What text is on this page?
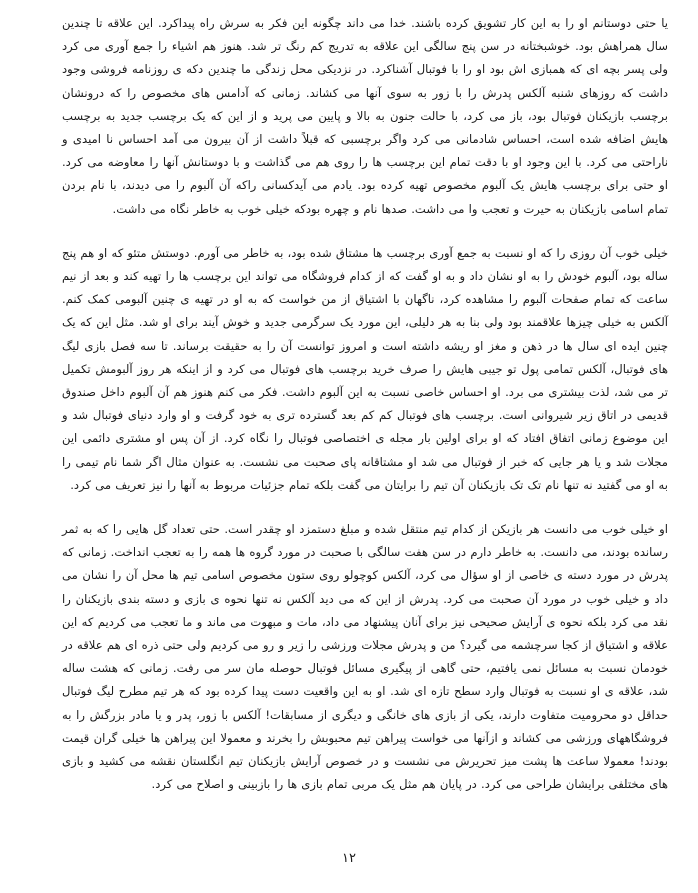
یا حتی دوستانم او را به این کار تشویق کرده باشند. خدا می داند چگونه این فکر به سرش راه پیداکرد. این علاقه تا چندین سال همراهش بود. خوشبختانه در سن پنج سالگی این علاقه به تدریج کم رنگ تر شد. هنوز هم اشیاء را جمع آوری می کرد ولی پسر بچه ای که همبازی اش بود او را با فوتبال آشناکرد. در نزدیکی محل زندگی ما چندین دکه ی روزنامه فروشی وجود داشت که روزهای شنبه آلکس پدرش را با زور به سوی آنها می کشاند. زمانی که آدامس های مخصوص را که درونشان برچسب بازیکنان فوتبال بود، باز می کرد، با حالت جنون به بالا و پایین می پرید و از این که یک برچسب جدید به برچسب هایش اضافه شده است، احساس شادمانی می کرد واگر برچسبی که قبلاً داشت از آن بیرون می آمد احساس نا امیدی و ناراحتی می کرد. با این وجود او با دقت تمام این برچسب ها را روی هم می گذاشت و با دوستانش آنها را معاوضه می کرد. او حتی برای برچسب هایش یک آلبوم مخصوص تهیه کرده بود. یادم می آیدکسانی راکه آن آلبوم را می دیدند، با نام بردن تمام اسامی بازیکنان به حیرت و تعجب وا می داشت. صدها نام و چهره بودکه خیلی خوب به خاطر نگاه می داشت.

خیلی خوب آن روزی را که او نسبت به جمع آوری برچسب ها مشتاق شده بود، به خاطر می آورم. دوستش متئو که او هم پنج ساله بود، آلبوم خودش را به او نشان داد و به او گفت که از کدام فروشگاه می تواند این برچسب ها را تهیه کند و بعد از نیم ساعت که تمام صفحات آلبوم را مشاهده کرد، ناگهان با اشتیاق از من خواست که به او در تهیه ی چنین آلبومی کمک کنم. آلکس به خیلی چیزها علاقمند بود ولی بنا به هر دلیلی، این مورد یک سرگرمی جدید و خوش آیند برای او شد. مثل این که یک چنین ایده ای سال ها در ذهن و مغز او ریشه داشته است و امروز توانست آن را به حقیقت برساند. تا سه فصل بازی لیگ های فوتبال، آلکس تمامی پول تو جیبی هایش را صرف خرید برچسب های فوتبال می کرد و از اینکه هر روز آلبومش تکمیل تر می شد، لذت بیشتری می برد. او احساس خاصی نسبت به این آلبوم داشت. فکر می کنم هنوز هم آن آلبوم داخل صندوق قدیمی در اتاق زیر شیروانی است. برچسب های فوتبال کم کم بعد گسترده تری به خود گرفت و او وارد دنیای فوتبال شد و این موضوع زمانی اتفاق افتاد که او برای اولین بار مجله ی اختصاصی فوتبال را نگاه کرد. از آن پس او مشتری دائمی این مجلات شد و یا هر جایی که خبر از فوتبال می شد او مشتاقانه پای صحبت می نشست. به عنوان مثال اگر شما نام تیمی را به او می گفتید نه تنها نام تک تک بازیکنان آن تیم را برایتان می گفت بلکه تمام جزئیات مربوط به آنها را نیز تعریف می کرد.

او خیلی خوب می دانست هر بازیکن از کدام تیم منتقل شده و مبلغ دستمزد او چقدر است. حتی تعداد گل هایی را که به ثمر رسانده بودند، می دانست. به خاطر دارم در سن هفت سالگی با صحبت در مورد گروه ها همه را به تعجب انداخت. زمانی که پدرش در مورد دسته ی خاصی از او سؤال می کرد، آلکس کوچولو روی ستون مخصوص اسامی تیم ها محل آن را نشان می داد و خیلی خوب در مورد آن صحبت می کرد. پدرش از این که می دید آلکس نه تنها نحوه ی بازی و دسته بندی بازیکنان را نقد می کرد بلکه نحوه ی آرایش صحیحی نیز برای آنان پیشنهاد می داد، مات و مبهوت می ماند و ما تعجب می کردیم که این علاقه و اشتیاق از کجا سرچشمه می گیرد؟ من و پدرش مجلات ورزشی را زیر و رو می کردیم ولی حتی ذره ای هم علاقه در خودمان نسبت به مسائل نمی یافتیم، حتی گاهی از پیگیری مسائل فوتبال حوصله مان سر می رفت. زمانی که هشت ساله شد، علاقه ی او نسبت به فوتبال وارد سطح تازه ای شد. او به این واقعیت دست پیدا کرده بود که هر تیم مطرح لیگ فوتبال حداقل دو محرومیت متفاوت دارند، یکی از بازی های خانگی و دیگری از مسابقات! آلکس با زور، پدر و یا مادر بزرگش را به فروشگاههای ورزشی می کشاند و ازآنها می خواست پیراهن تیم محبوبش را بخرند و معمولا این پیراهن ها خیلی گران قیمت بودند! معمولا ساعت ها پشت میز تحریرش می نشست و در خصوص آرایش بازیکنان تیم انگلستان نقشه می کشید و بازی های مختلفی برایشان طراحی می کرد. در پایان هم مثل یک مربی تمام بازی ها را بازبینی و اصلاح می کرد.

۱۲
